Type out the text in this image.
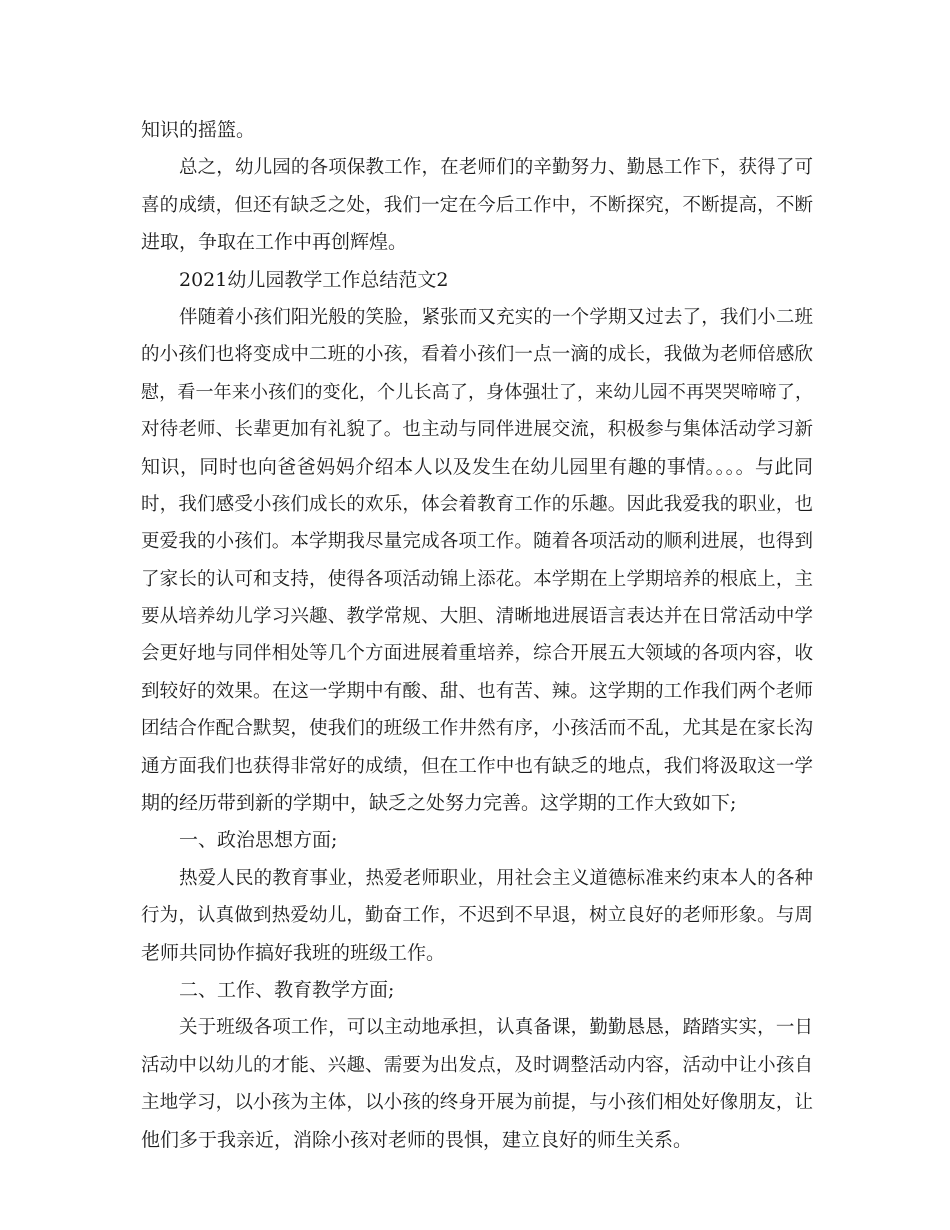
知识的摇篮。
总之，幼儿园的各项保教工作，在老师们的辛勤努力、勤恳工作下，获得了可
喜的成绩，但还有缺乏之处，我们一定在今后工作中，不断探究，不断提高，不断
进取，争取在工作中再创辉煌。
2021幼儿园教学工作总结范文2
伴随着小孩们阳光般的笑脸，紧张而又充实的一个学期又过去了，我们小二班
的小孩们也将变成中二班的小孩，看着小孩们一点一滴的成长，我做为老师倍感欣
慰，看一年来小孩们的变化，个儿长高了，身体强壮了，来幼儿园不再哭哭啼啼了，
对待老师、长辈更加有礼貌了。也主动与同伴进展交流，积极参与集体活动学习新
知识，同时也向爸爸妈妈介绍本人以及发生在幼儿园里有趣的事情。。。。与此同
时，我们感受小孩们成长的欢乐，体会着教育工作的乐趣。因此我爱我的职业，也
更爱我的小孩们。本学期我尽量完成各项工作。随着各项活动的顺利进展，也得到
了家长的认可和支持，使得各项活动锦上添花。本学期在上学期培养的根底上，主
要从培养幼儿学习兴趣、教学常规、大胆、清晰地进展语言表达并在日常活动中学
会更好地与同伴相处等几个方面进展着重培养，综合开展五大领域的各项内容，收
到较好的效果。在这一学期中有酸、甜、也有苦、辣。这学期的工作我们两个老师
团结合作配合默契，使我们的班级工作井然有序，小孩活而不乱，尤其是在家长沟
通方面我们也获得非常好的成绩，但在工作中也有缺乏的地点，我们将汲取这一学
期的经历带到新的学期中，缺乏之处努力完善。这学期的工作大致如下;
一、政治思想方面;
热爱人民的教育事业，热爱老师职业，用社会主义道德标准来约束本人的各种
行为，认真做到热爱幼儿，勤奋工作，不迟到不早退，树立良好的老师形象。与周
老师共同协作搞好我班的班级工作。
二、工作、教育教学方面;
关于班级各项工作，可以主动地承担，认真备课，勤勤恳恳，踏踏实实，一日
活动中以幼儿的才能、兴趣、需要为出发点，及时调整活动内容，活动中让小孩自
主地学习，以小孩为主体，以小孩的终身开展为前提，与小孩们相处好像朋友，让
他们多于我亲近，消除小孩对老师的畏惧，建立良好的师生关系。
